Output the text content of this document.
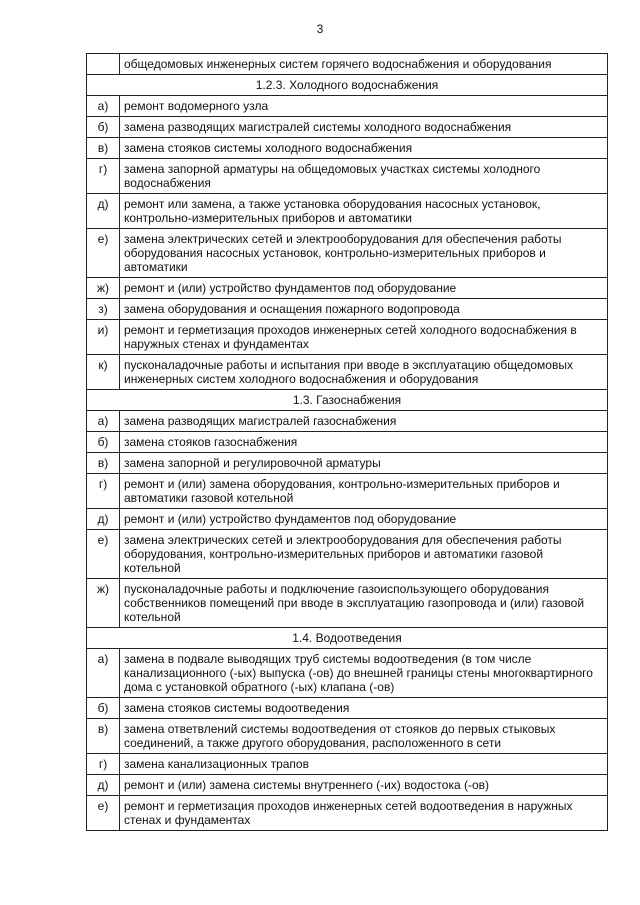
3
	общедомовых инженерных систем горячего водоснабжения и оборудования
1.2.3. Холодного водоснабжения	
а)	ремонт водомерного узла
б)	замена разводящих магистралей системы холодного водоснабжения
в)	замена стояков системы холодного водоснабжения
г)	замена запорной арматуры на общедомовых участках системы холодного водоснабжения
д)	ремонт или замена, а также установка оборудования насосных установок, контрольно-измерительных приборов и автоматики
е)	замена электрических сетей и электрооборудования для обеспечения работы оборудования насосных установок, контрольно-измерительных приборов и автоматики
ж)	ремонт и (или) устройство фундаментов под оборудование
з)	замена оборудования и оснащения пожарного водопровода
и)	ремонт и герметизация проходов инженерных сетей холодного водоснабжения в наружных стенах и фундаментах
к)	пусконаладочные работы и испытания при вводе в эксплуатацию общедомовых инженерных систем холодного водоснабжения и оборудования
1.3. Газоснабжения	
а)	замена разводящих магистралей газоснабжения
б)	замена стояков газоснабжения
в)	замена запорной и регулировочной арматуры
г)	ремонт и (или) замена оборудования, контрольно-измерительных приборов и автоматики газовой котельной
д)	ремонт и (или) устройство фундаментов под оборудование
е)	замена электрических сетей и электрооборудования для обеспечения работы оборудования, контрольно-измерительных приборов и автоматики газовой котельной
ж)	пусконаладочные работы и подключение газоиспользующего оборудования собственников помещений при вводе в эксплуатацию газопровода и (или) газовой котельной
1.4. Водоотведения	
а)	замена в подвале выводящих труб системы водоотведения (в том числе канализационного (-ых) выпуска (-ов) до внешней границы стены многоквартирного дома с установкой обратного (-ых) клапана (-ов)
б)	замена стояков системы водоотведения
в)	замена ответвлений системы водоотведения от стояков до первых стыковых соединений, а также другого оборудования, расположенного в сети
г)	замена канализационных трапов
д)	ремонт и (или) замена системы внутреннего (-их) водостока (-ов)
е)	ремонт и герметизация проходов инженерных сетей водоотведения в наружных стенах и фундаментах
